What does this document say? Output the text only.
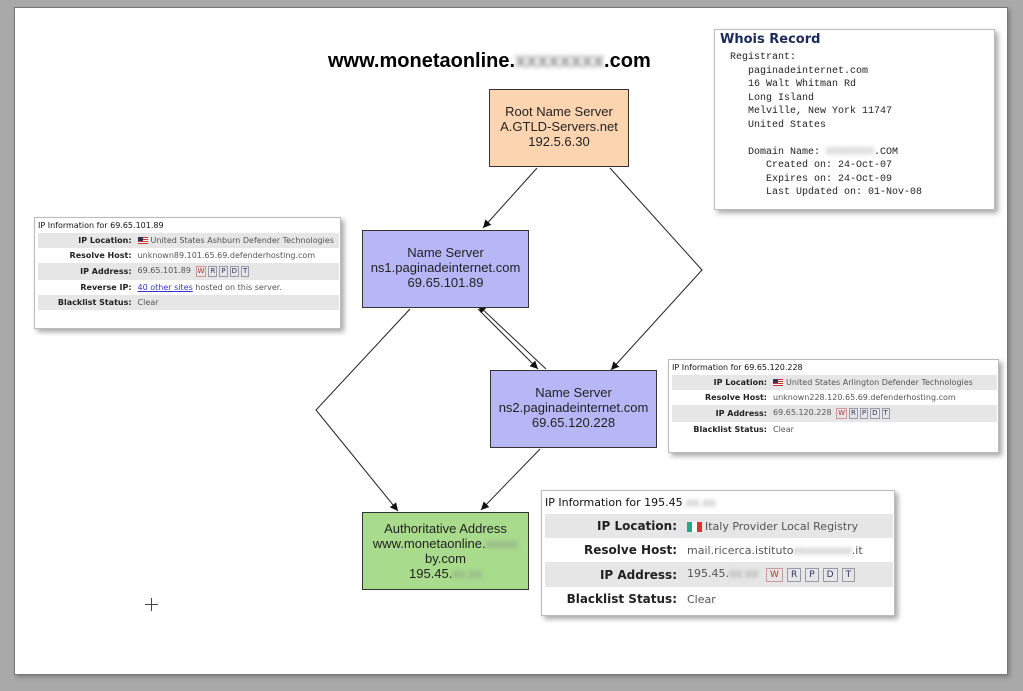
www.monetaonline.xxxxxxxx.com
Root Name Server
A.GTLD-Servers.net
192.5.6.30
Name Server
ns1.paginadeinternet.com
69.65.101.89
Name Server
ns2.paginadeinternet.com
69.65.120.228
Authoritative Address
www.monetaonline.xxxxx
by.com
195.45.xx.xx
IP Information for 69.65.101.89
IP Location:	United States Ashburn Defender Technologies
Resolve Host:	unknown89.101.65.69.defenderhosting.com
IP Address:	69.65.101.89 W R P D T
Reverse IP:	40 other sites hosted on this server.
Blacklist Status:	Clear
IP Information for 69.65.120.228
IP Location:	United States Arlington Defender Technologies
Resolve Host:	unknown228.120.65.69.defenderhosting.com
IP Address:	69.65.120.228 W R P D T
Blacklist Status:	Clear
IP Information for 195.45.xx.xx
IP Location:	Italy Provider Local Registry
Resolve Host:	mail.ricerca.istitutoxxxxxxxxx.it
IP Address:	195.45.xx.xx W R P D T
Blacklist Status:	Clear
Whois Record
Registrant:
paginadeinternet.com
16 Walt Whitman Rd
Long Island
Melville, New York 11747
United States

Domain Name: XXXXXXXX.COM
Created on: 24-Oct-07
Expires on: 24-Oct-09
Last Updated on: 01-Nov-08
